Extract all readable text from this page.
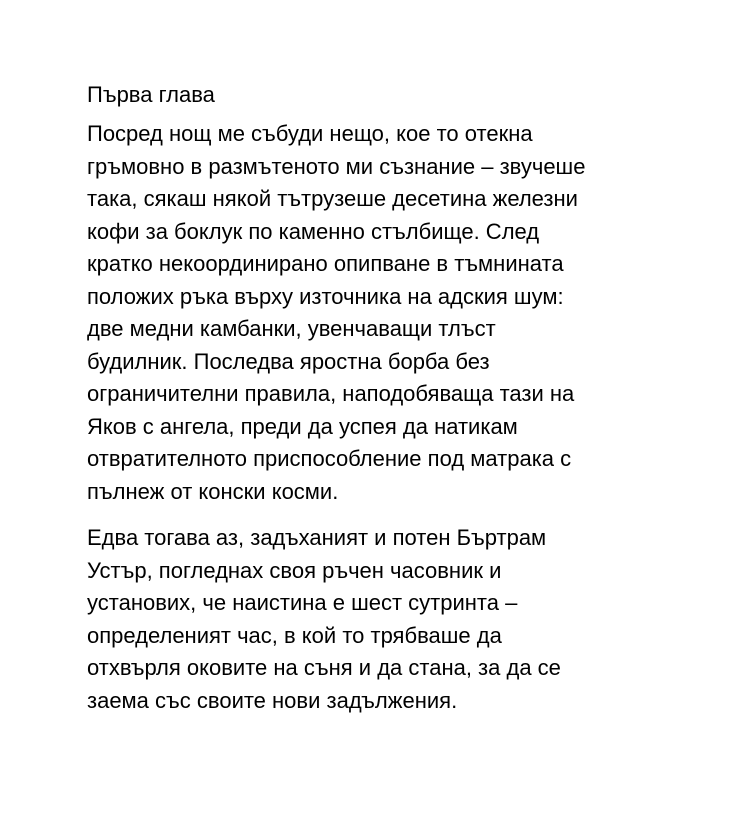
Първа глава
Посред нощ ме събуди нещо, кое то отекна
гръмовно в размътеното ми съзнание – звучеше
така, сякаш някой тътрузеше десетина железни
кофи за боклук по каменно стълбище. След
кратко некоординирано опипване в тъмнината
положих ръка върху източника на адския шум:
две медни камбанки, увенчаващи тлъст
будилник. Последва яростна борба без
ограничителни правила, наподобяваща тази на
Яков с ангела, преди да успея да натикам
отвратителното приспособление под матрака с
пълнеж от конски косми.
Едва тогава аз, задъханият и потен Бъртрам
Устър, погледнах своя ръчен часовник и
установих, че наистина е шест сутринта –
определеният час, в кой то трябваше да
отхвърля оковите на съня и да стана, за да се
заема със своите нови задължения.
